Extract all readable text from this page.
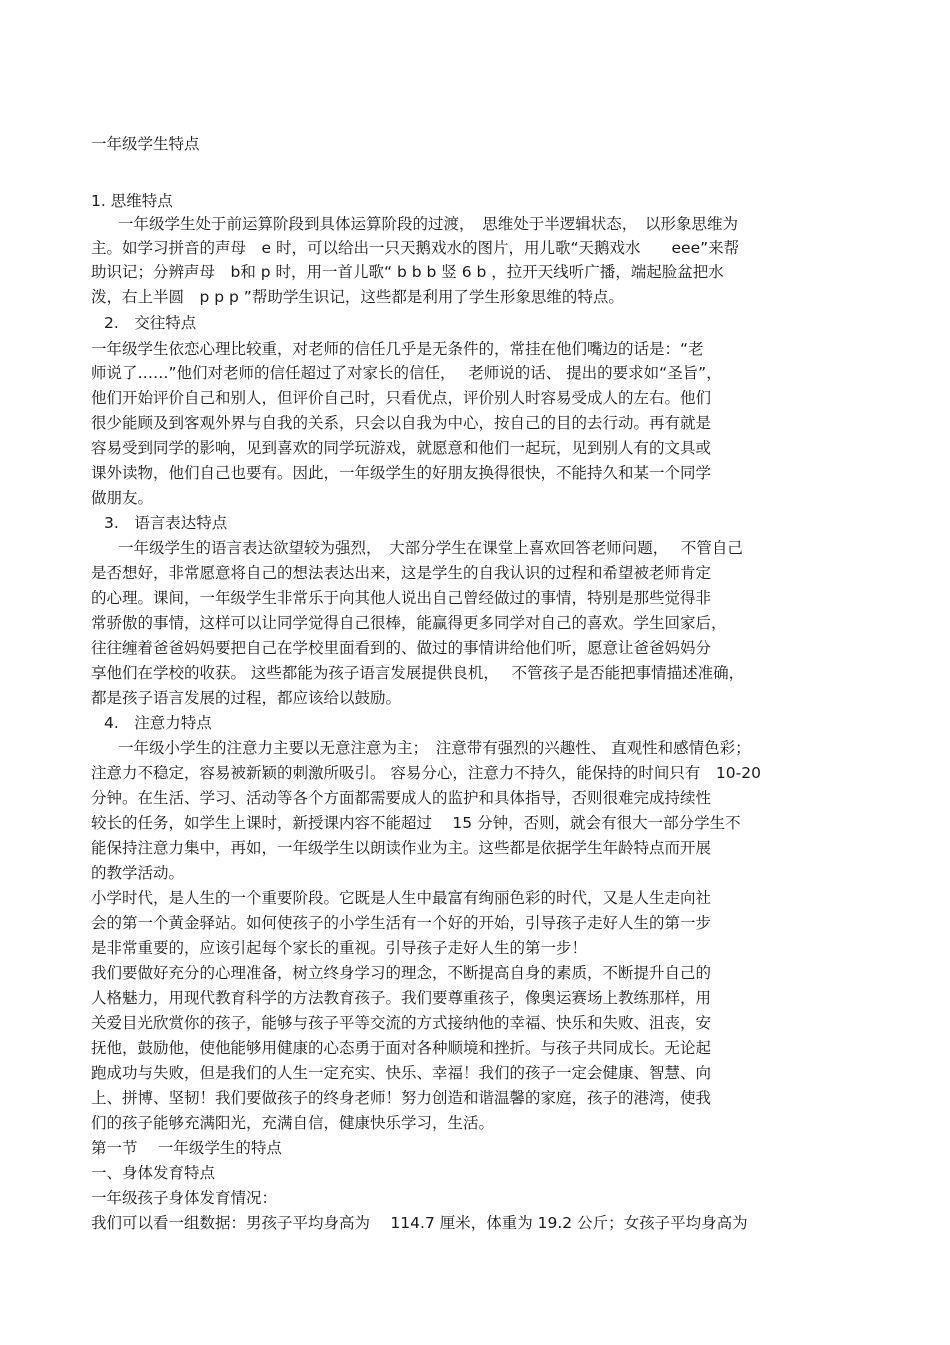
一年级学生特点

1. 思维特点

一年级学生处于前运算阶段到具体运算阶段的过渡，　思维处于半逻辑状态，　以形象思维为

主。如学习拼音的声母　e 时，可以给出一只天鹅戏水的图片，用儿歌“天鹅戏水　　eee”来帮

助识记；分辨声母　b和 p 时，用一首儿歌“ b b b 竖 6 b ，拉开天线听广播，端起脸盆把水

泼，右上半圆　p p p ”帮助学生识记，这些都是利用了学生形象思维的特点。

2.　交往特点

一年级学生依恋心理比较重，对老师的信任几乎是无条件的，常挂在他们嘴边的话是：“老

师说了……”他们对老师的信任超过了对家长的信任，　 老师说的话、 提出的要求如“圣旨”，

他们开始评价自己和别人，但评价自己时，只看优点，评价别人时容易受成人的左右。他们

很少能顾及到客观外界与自我的关系，只会以自我为中心，按自己的目的去行动。再有就是

容易受到同学的影响，见到喜欢的同学玩游戏，就愿意和他们一起玩，见到别人有的文具或

课外读物，他们自己也要有。因此，一年级学生的好朋友换得很快，不能持久和某一个同学

做朋友。

3.　语言表达特点

一年级学生的语言表达欲望较为强烈，　大部分学生在课堂上喜欢回答老师问题，　 不管自己

是否想好，非常愿意将自己的想法表达出来，这是学生的自我认识的过程和希望被老师肯定

的心理。课间，一年级学生非常乐于向其他人说出自己曾经做过的事情，特别是那些觉得非

常骄傲的事情，这样可以让同学觉得自己很棒，能赢得更多同学对自己的喜欢。学生回家后，

往往缠着爸爸妈妈要把自己在学校里面看到的、做过的事情讲给他们听，愿意让爸爸妈妈分

享他们在学校的收获。 这些都能为孩子语言发展提供良机，　 不管孩子是否能把事情描述准确，

都是孩子语言发展的过程，都应该给以鼓励。

4.　注意力特点

一年级小学生的注意力主要以无意注意为主；　注意带有强烈的兴趣性、 直观性和感情色彩；

注意力不稳定，容易被新颖的刺激所吸引。 容易分心，注意力不持久，能保持的时间只有　10-20

分钟。在生活、学习、活动等各个方面都需要成人的监护和具体指导，否则很难完成持续性

较长的任务，如学生上课时，新授课内容不能超过　 15 分钟，否则，就会有很大一部分学生不

能保持注意力集中，再如，一年级学生以朗读作业为主。这些都是依据学生年龄特点而开展

的教学活动。

小学时代，是人生的一个重要阶段。它既是人生中最富有绚丽色彩的时代，又是人生走向社

会的第一个黄金驿站。如何使孩子的小学生活有一个好的开始，引导孩子走好人生的第一步

是非常重要的，应该引起每个家长的重视。引导孩子走好人生的第一步！

我们要做好充分的心理准备，树立终身学习的理念，不断提高自身的素质，不断提升自己的

人格魅力，用现代教育科学的方法教育孩子。我们要尊重孩子，像奥运赛场上教练那样，用

关爱目光欣赏你的孩子，能够与孩子平等交流的方式接纳他的幸福、快乐和失败、沮丧，安

抚他，鼓励他，使他能够用健康的心态勇于面对各种顺境和挫折。与孩子共同成长。无论起

跑成功与失败，但是我们的人生一定充实、快乐、幸福！我们的孩子一定会健康、智慧、向

上、拼博、坚韧！我们要做孩子的终身老师！努力创造和谐温馨的家庭，孩子的港湾，使我

们的孩子能够充满阳光，充满自信，健康快乐学习，生活。

第一节　 一年级学生的特点

一、身体发育特点

一年级孩子身体发育情况：

我们可以看一组数据：男孩子平均身高为　 114.7 厘米，体重为 19.2 公斤；女孩子平均身高为
